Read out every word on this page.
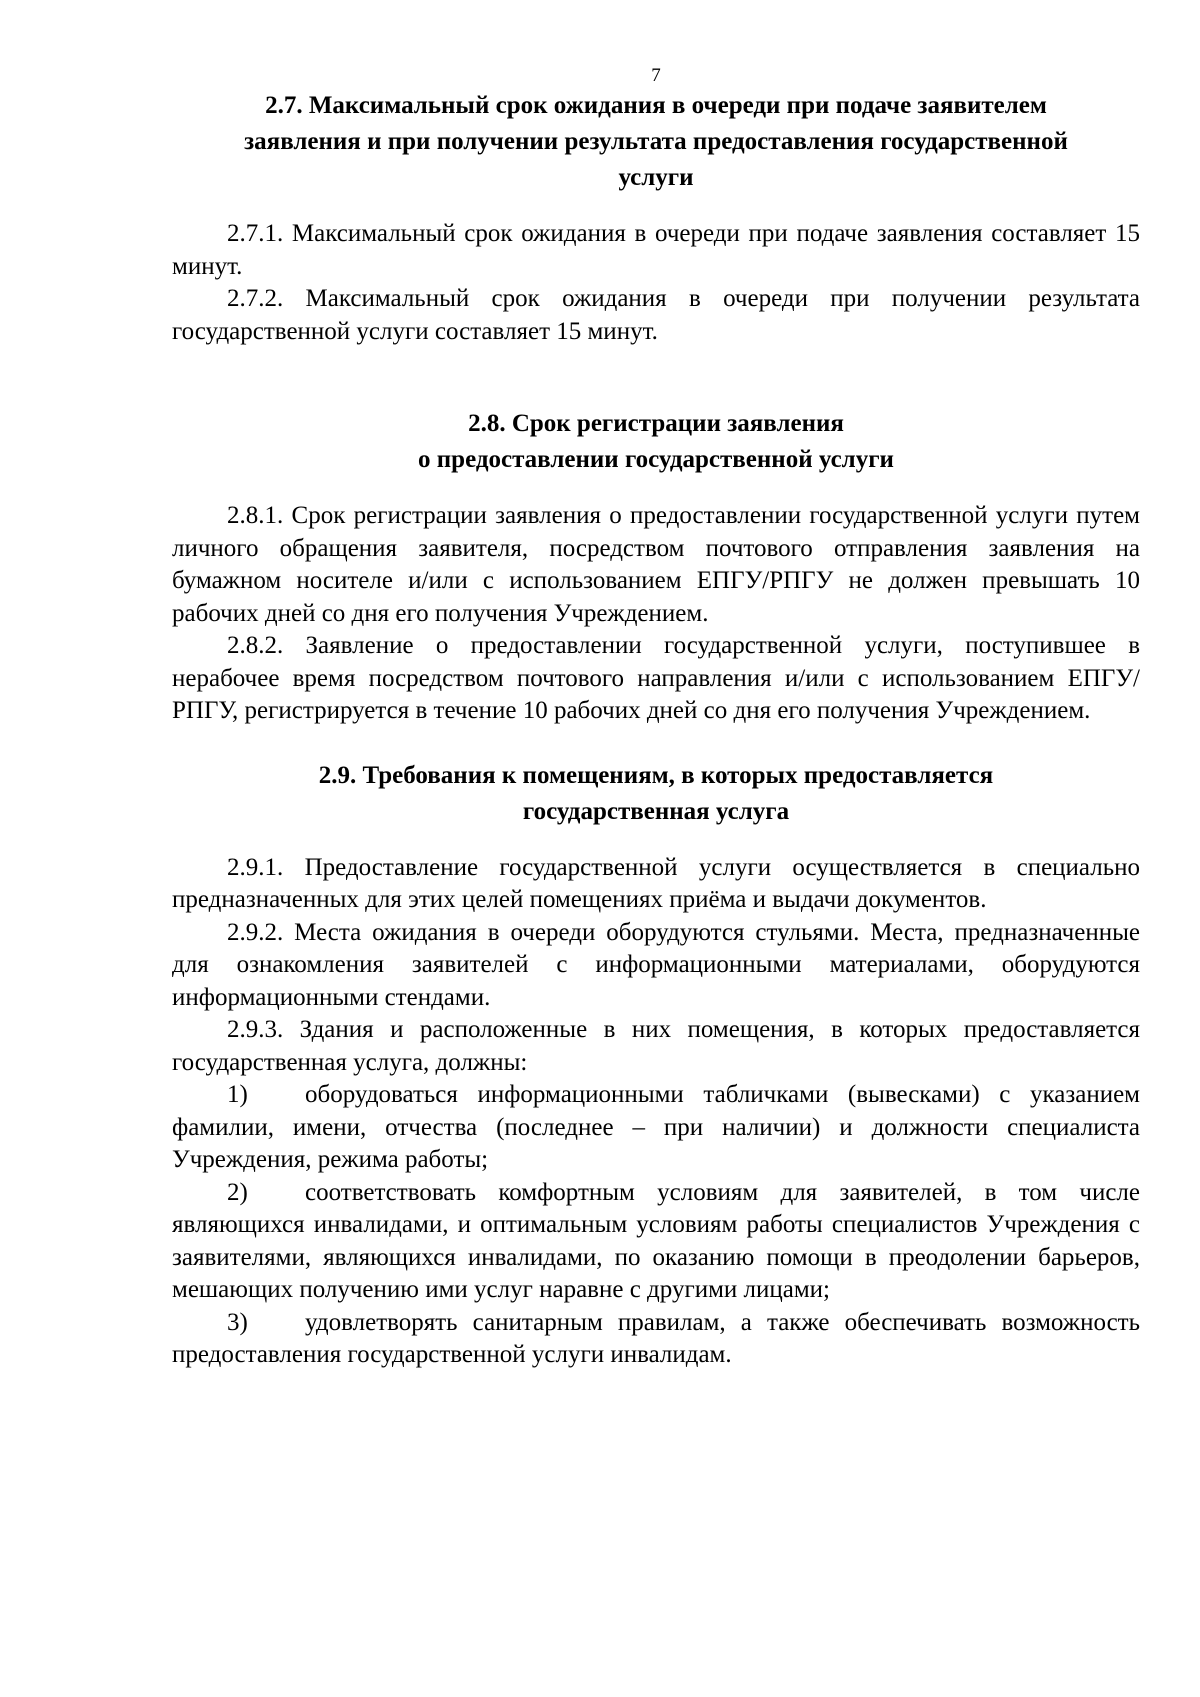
7
2.7. Максимальный срок ожидания в очереди при подаче заявителем
заявления и при получении результата предоставления государственной
услуги

2.7.1. Максимальный срок ожидания в очереди при подаче заявления составляет 15 минут.

2.7.2. Максимальный срок ожидания в очереди при получении результата государственной услуги составляет 15 минут.

2.8. Срок регистрации заявления
о предоставлении государственной услуги

2.8.1. Срок регистрации заявления о предоставлении государственной услуги путем личного обращения заявителя, посредством почтового отправления заявления на бумажном носителе и/или с использованием ЕПГУ/РПГУ не должен превышать 10 рабочих дней со дня его получения Учреждением.

2.8.2. Заявление о предоставлении государственной услуги, поступившее в нерабочее время посредством почтового направления и/или с использованием ЕПГУ/РПГУ, регистрируется в течение 10 рабочих дней со дня его получения Учреждением.

2.9. Требования к помещениям, в которых предоставляется
государственная услуга

2.9.1. Предоставление государственной услуги осуществляется в специально предназначенных для этих целей помещениях приёма и выдачи документов.

2.9.2. Места ожидания в очереди оборудуются стульями. Места, предназначенные для ознакомления заявителей с информационными материалами, оборудуются информационными стендами.

2.9.3. Здания и расположенные в них помещения, в которых предоставляется государственная услуга, должны:

1) оборудоваться информационными табличками (вывесками) с указанием фамилии, имени, отчества (последнее – при наличии) и должности специалиста Учреждения, режима работы;

2) соответствовать комфортным условиям для заявителей, в том числе являющихся инвалидами, и оптимальным условиям работы специалистов Учреждения с заявителями, являющихся инвалидами, по оказанию помощи в преодолении барьеров, мешающих получению ими услуг наравне с другими лицами;

3) удовлетворять санитарным правилам, а также обеспечивать возможность предоставления государственной услуги инвалидам.
